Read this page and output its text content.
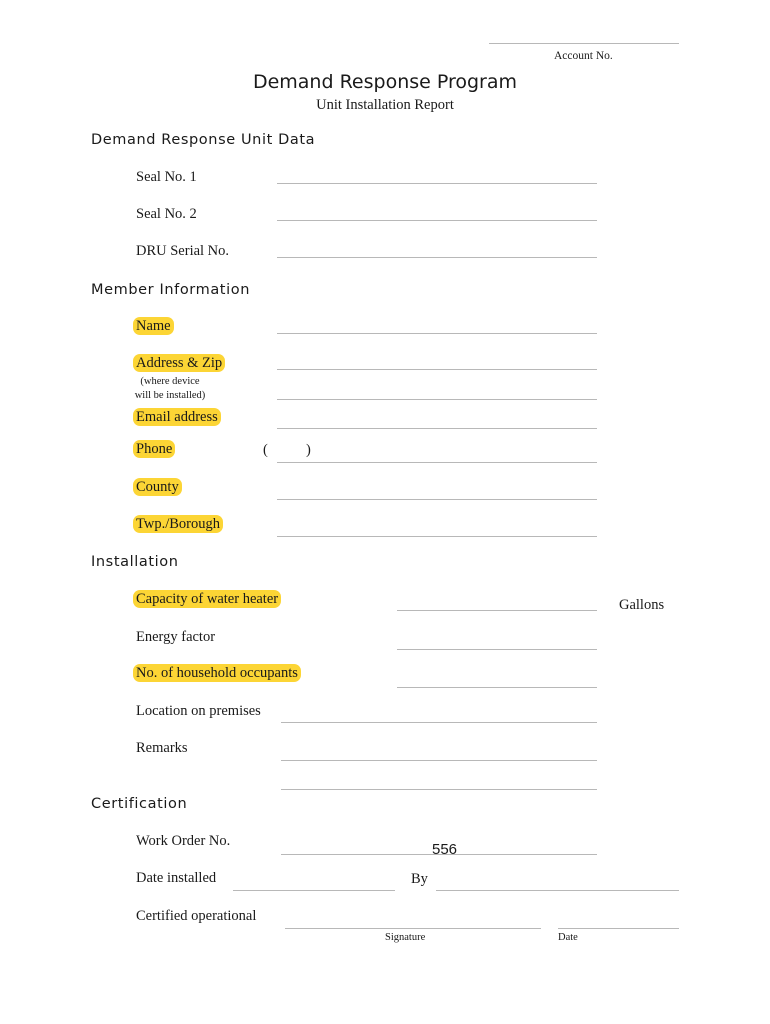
Account No.
Demand Response Program
Unit Installation Report
Demand Response Unit Data
Seal No. 1
Seal No. 2
DRU Serial No.
Member Information
Name
Address & Zip
(where device
will be installed)
Email address
Phone	(	)
County
Twp./Borough
Installation
Capacity of water heater	Gallons
Energy factor
No. of household occupants
Location on premises
Remarks
Certification
Work Order No.	556
Date installed	By
Certified operational
Signature	Date
